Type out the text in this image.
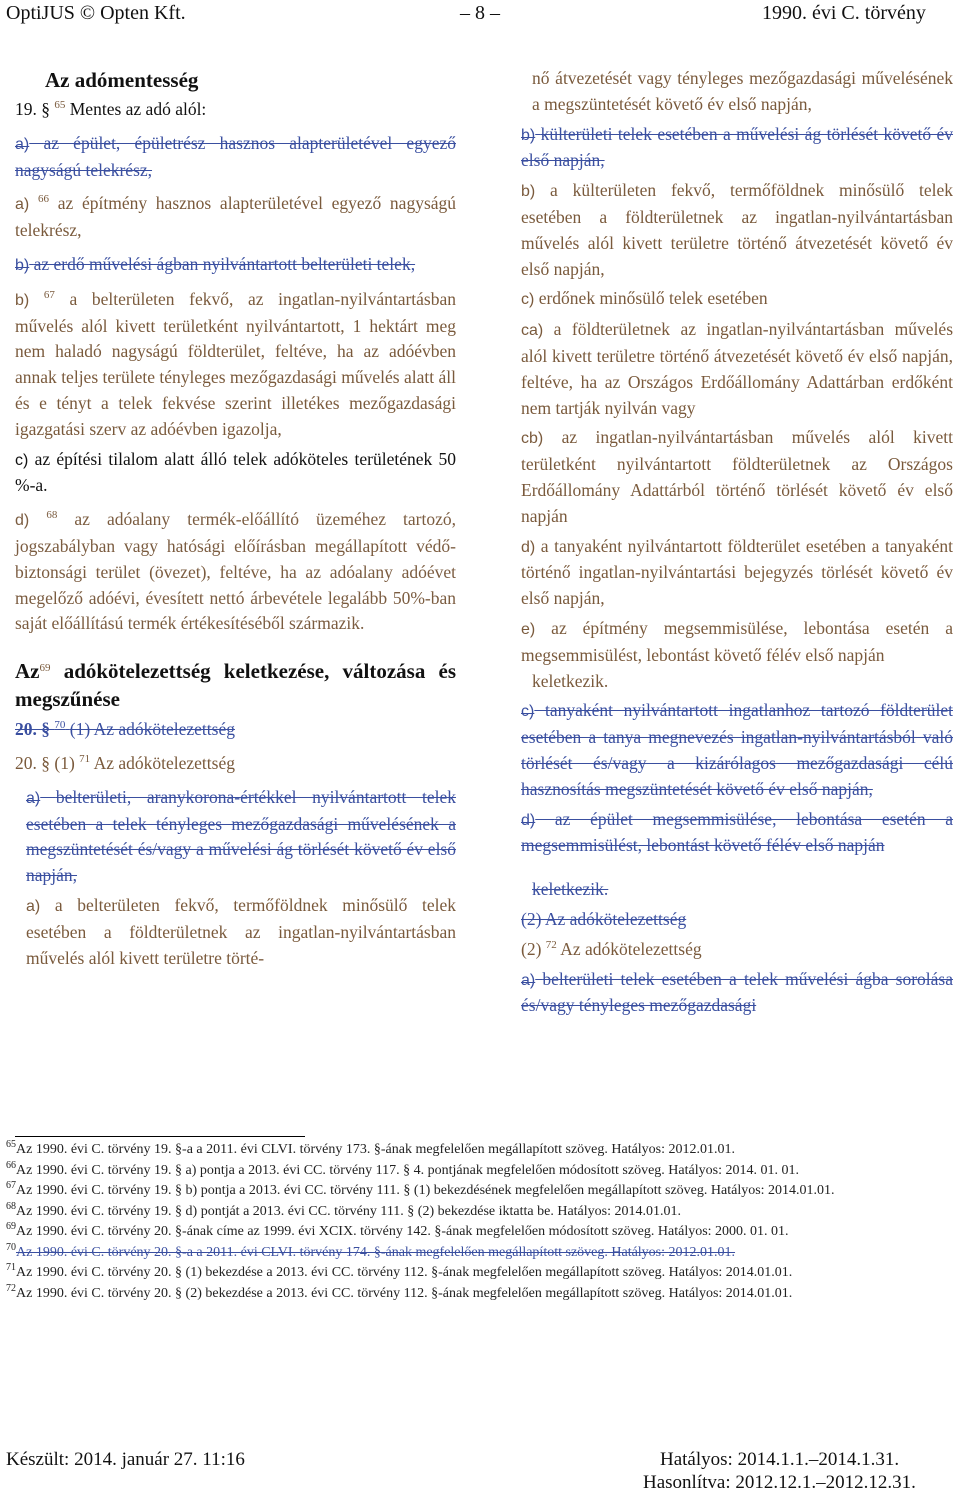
OptiJUS © Opten Kft.	– 8 –	1990. évi C. törvény

Az adómentesség

19. § $^{65}$ Mentes az adó alól:

a) az épület, épületrész hasznos alapterületével egyező nagyságú telekrész,

a) $^{66}$ az építmény hasznos alapterületével egyező nagyságú telekrész,

b) az erdő művelési ágban nyilvántartott belterületi telek,

b) $^{67}$ a belterületen fekvő, az ingatlan-nyilvántartásban művelés alól kivett területként nyilvántartott, 1 hektárt meg nem haladó nagyságú földterület, feltéve, ha az adóévben annak teljes területe tényleges mezőgazdasági művelés alatt áll és e tényt a telek fekvése szerint illetékes mezőgazdasági igazgatási szerv az adóévben igazolja,

c) az építési tilalom alatt álló telek adóköteles területének 50 %-a.

d) $^{68}$ az adóalany termék-előállító üzeméhez tartozó, jogszabályban vagy hatósági előírásban megállapított védő-biztonsági terület (övezet), feltéve, ha az adóalany adóévet megelőző adóévi, évesített nettó árbevétele legalább 50%-ban saját előállítású termék értékesítéséből származik.

Az$^{69}$ adókötelezettség keletkezése, változása és megszűnése

20. § $^{70}$ (1) Az adókötelezettség

20. § (1) $^{71}$ Az adókötelezettség

a) belterületi, aranykorona-értékkel nyilvántartott telek esetében a telek tényleges mezőgazdasági művelésének a megszüntetését és/vagy a művelési ág törlését követő év első napján,

a) a belterületen fekvő, termőföldnek minősülő telek esetében a földterületnek az ingatlan-nyilvántartásban művelés alól kivett területre törté-

nő átvezetését vagy tényleges mezőgazdasági művelésének a megszüntetését követő év első napján,

b) külterületi telek esetében a művelési ág törlését követő év első napján,

b) a külterületen fekvő, termőföldnek minősülő telek esetében a földterületnek az ingatlan-nyilvántartásban művelés alól kivett területre történő átvezetését követő év első napján,

c) erdőnek minősülő telek esetében

ca) a földterületnek az ingatlan-nyilvántartásban művelés alól kivett területre történő átvezetését követő év első napján, feltéve, ha az Országos Erdőállomány Adattárban erdőként nem tartják nyilván vagy

cb) az ingatlan-nyilvántartásban művelés alól kivett területként nyilvántartott földterületnek az Országos Erdőállomány Adattárból történő törlését követő év első napján

d) a tanyaként nyilvántartott földterület esetében a tanyaként történő ingatlan-nyilvántartási bejegyzés törlését követő év első napján,

e) az építmény megsemmisülése, lebontása esetén a megsemmisülést, lebontást követő félév első napján

keletkezik.

c) tanyaként nyilvántartott ingatlanhoz tartozó földterület esetében a tanya megnevezés ingatlan-nyilvántartásból való törlését és/vagy a kizárólagos mezőgazdasági célú hasznosítás megszüntetését követő év első napján,

d) az épület megsemmisülése, lebontása esetén a megsemmisülést, lebontást követő félév első napján

keletkezik.

(2) Az adókötelezettség

(2) $^{72}$ Az adókötelezettség

a) belterületi telek esetében a telek művelési ágba sorolása és/vagy tényleges mezőgazdasági

$^{65}$Az 1990. évi C. törvény 19. §-a a 2011. évi CLVI. törvény 173. §-ának megfelelően megállapított szöveg. Hatályos: 2012.01.01.

$^{66}$Az 1990. évi C. törvény 19. § a) pontja a 2013. évi CC. törvény 117. § 4. pontjának megfelelően módosított szöveg. Hatályos: 2014. 01. 01.

$^{67}$Az 1990. évi C. törvény 19. § b) pontja a 2013. évi CC. törvény 111. § (1) bekezdésének megfelelően megállapított szöveg. Hatályos: 2014.01.01.

$^{68}$Az 1990. évi C. törvény 19. § d) pontját a 2013. évi CC. törvény 111. § (2) bekezdése iktatta be. Hatályos: 2014.01.01.

$^{69}$Az 1990. évi C. törvény 20. §-ának címe az 1999. évi XCIX. törvény 142. §-ának megfelelően módosított szöveg. Hatályos: 2000. 01. 01.

$^{70}$Az 1990. évi C. törvény 20. §-a a 2011. évi CLVI. törvény 174. §-ának megfelelően megállapított szöveg. Hatályos: 2012.01.01.

$^{71}$Az 1990. évi C. törvény 20. § (1) bekezdése a 2013. évi CC. törvény 112. §-ának megfelelően megállapított szöveg. Hatályos: 2014.01.01.

$^{72}$Az 1990. évi C. törvény 20. § (2) bekezdése a 2013. évi CC. törvény 112. §-ának megfelelően megállapított szöveg. Hatályos: 2014.01.01.

Készült: 2014. január 27. 11:16	Hatályos: 2014.1.1.–2014.1.31.
Hasonlítva: 2012.12.1.–2012.12.31.
